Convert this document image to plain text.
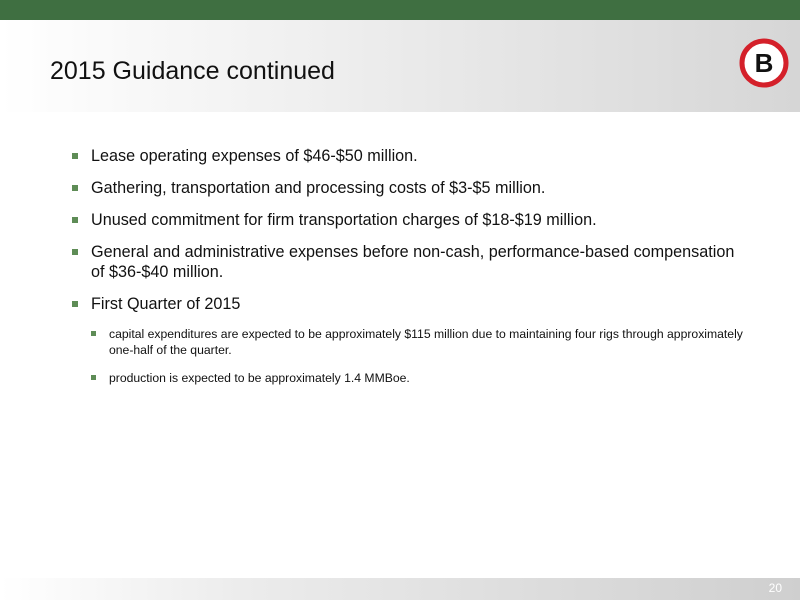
2015 Guidance continued	B
Lease operating expenses of $46-$50 million.
Gathering, transportation and processing costs of $3-$5 million.
Unused commitment for firm transportation charges of $18-$19 million.
General and administrative expenses before non-cash, performance-based compensation of $36-$40 million.
First Quarter of 2015
capital expenditures are expected to be approximately $115 million due to maintaining four rigs through approximately one-half of the quarter.
production is expected to be approximately 1.4 MMBoe.
20
